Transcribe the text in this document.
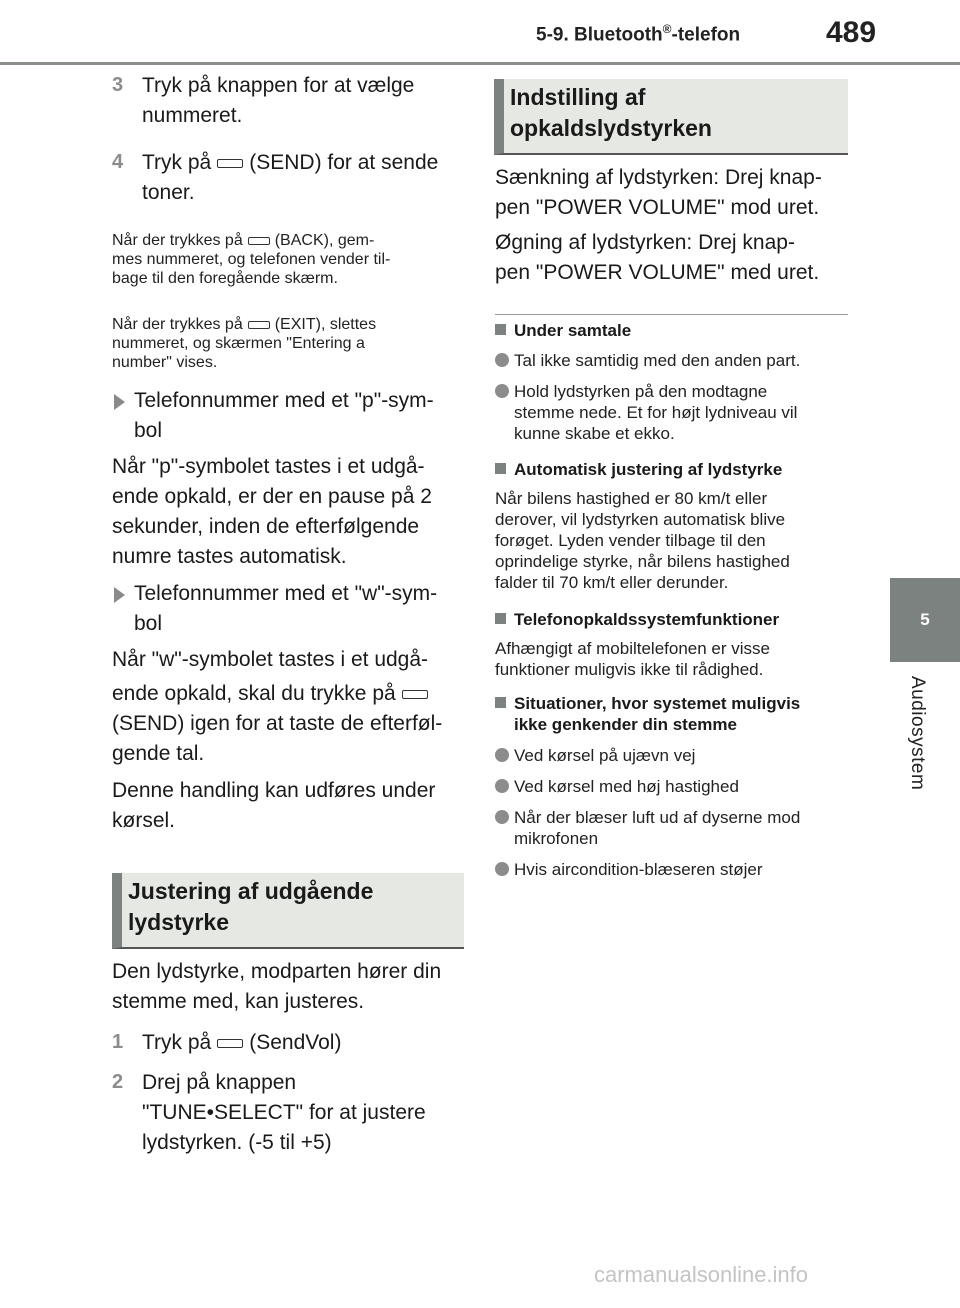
5-9. Bluetooth®-telefon	489
5
Audiosystem
3 Tryk på knappen for at vælge
nummeret.
4 Tryk på (SEND) for at sende
toner.
Når der trykkes på (BACK), gem-
mes nummeret, og telefonen vender til-
bage til den foregående skærm.
Når der trykkes på (EXIT), slettes
nummeret, og skærmen "Entering a
number" vises.
Telefonnummer med et "p"-sym-
bol
Når "p"-symbolet tastes i et udgå-
ende opkald, er der en pause på 2
sekunder, inden de efterfølgende
numre tastes automatisk.
Telefonnummer med et "w"-sym-
bol
Når "w"-symbolet tastes i et udgå-
ende opkald, skal du trykke på
(SEND) igen for at taste de efterføl-
gende tal.
Denne handling kan udføres under
kørsel.
Justering af udgående
lydstyrke
Den lydstyrke, modparten hører din
stemme med, kan justeres.
1 Tryk på (SendVol)
2 Drej på knappen
"TUNE•SELECT" for at justere
lydstyrken. (-5 til +5)
Indstilling af
opkaldslydstyrken
Sænkning af lydstyrken: Drej knap-
pen "POWER VOLUME" mod uret.
Øgning af lydstyrken: Drej knap-
pen "POWER VOLUME" med uret.
Under samtale
Tal ikke samtidig med den anden part.
Hold lydstyrken på den modtagne
stemme nede. Et for højt lydniveau vil
kunne skabe et ekko.
Automatisk justering af lydstyrke
Når bilens hastighed er 80 km/t eller
derover, vil lydstyrken automatisk blive
forøget. Lyden vender tilbage til den
oprindelige styrke, når bilens hastighed
falder til 70 km/t eller derunder.
Telefonopkaldssystemfunktioner
Afhængigt af mobiltelefonen er visse
funktioner muligvis ikke til rådighed.
Situationer, hvor systemet muligvis
ikke genkender din stemme
Ved kørsel på ujævn vej
Ved kørsel med høj hastighed
Når der blæser luft ud af dyserne mod
mikrofonen
Hvis aircondition-blæseren støjer
carmanualsonline.info
